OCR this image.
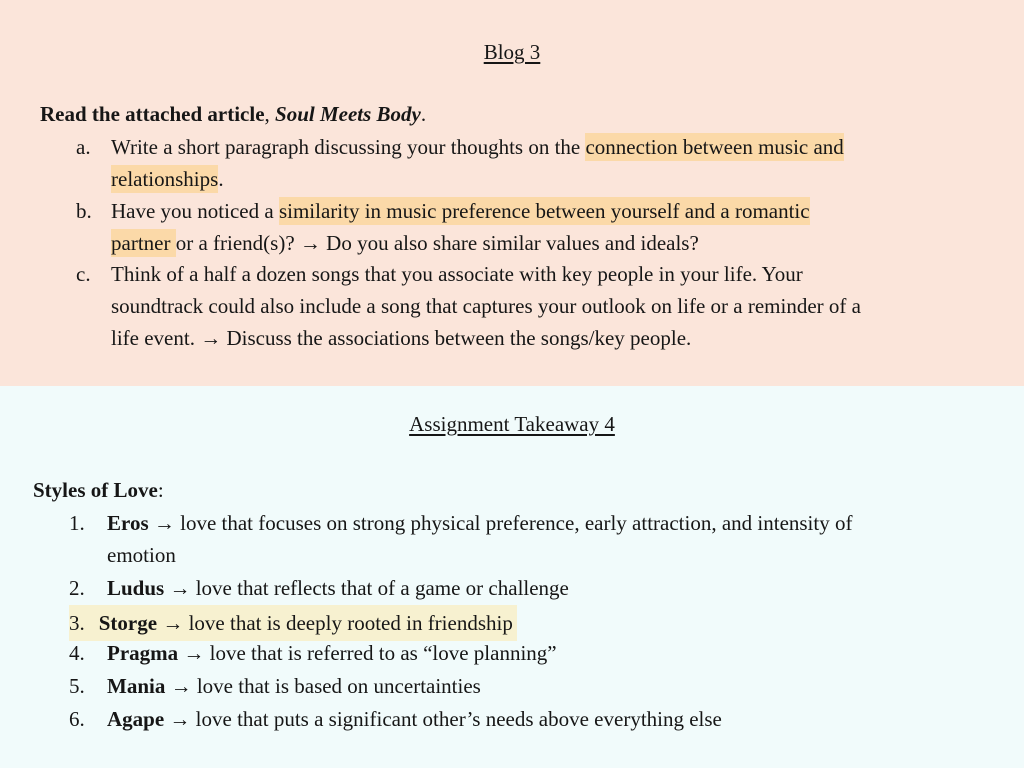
Blog 3

Read the attached article, Soul Meets Body.

a. Write a short paragraph discussing your thoughts on the connection between music and
relationships.
b. Have you noticed a similarity in music preference between yourself and a romantic
partner or a friend(s)? → Do you also share similar values and ideals?
c. Think of a half a dozen songs that you associate with key people in your life. Your
soundtrack could also include a song that captures your outlook on life or a reminder of a
life event. → Discuss the associations between the songs/key people.
Assignment Takeaway 4

Styles of Love:

1. Eros → love that focuses on strong physical preference, early attraction, and intensity of
emotion
2. Ludus → love that reflects that of a game or challenge
3. Storge → love that is deeply rooted in friendship
4. Pragma → love that is referred to as “love planning”
5. Mania → love that is based on uncertainties
6. Agape → love that puts a significant other’s needs above everything else
